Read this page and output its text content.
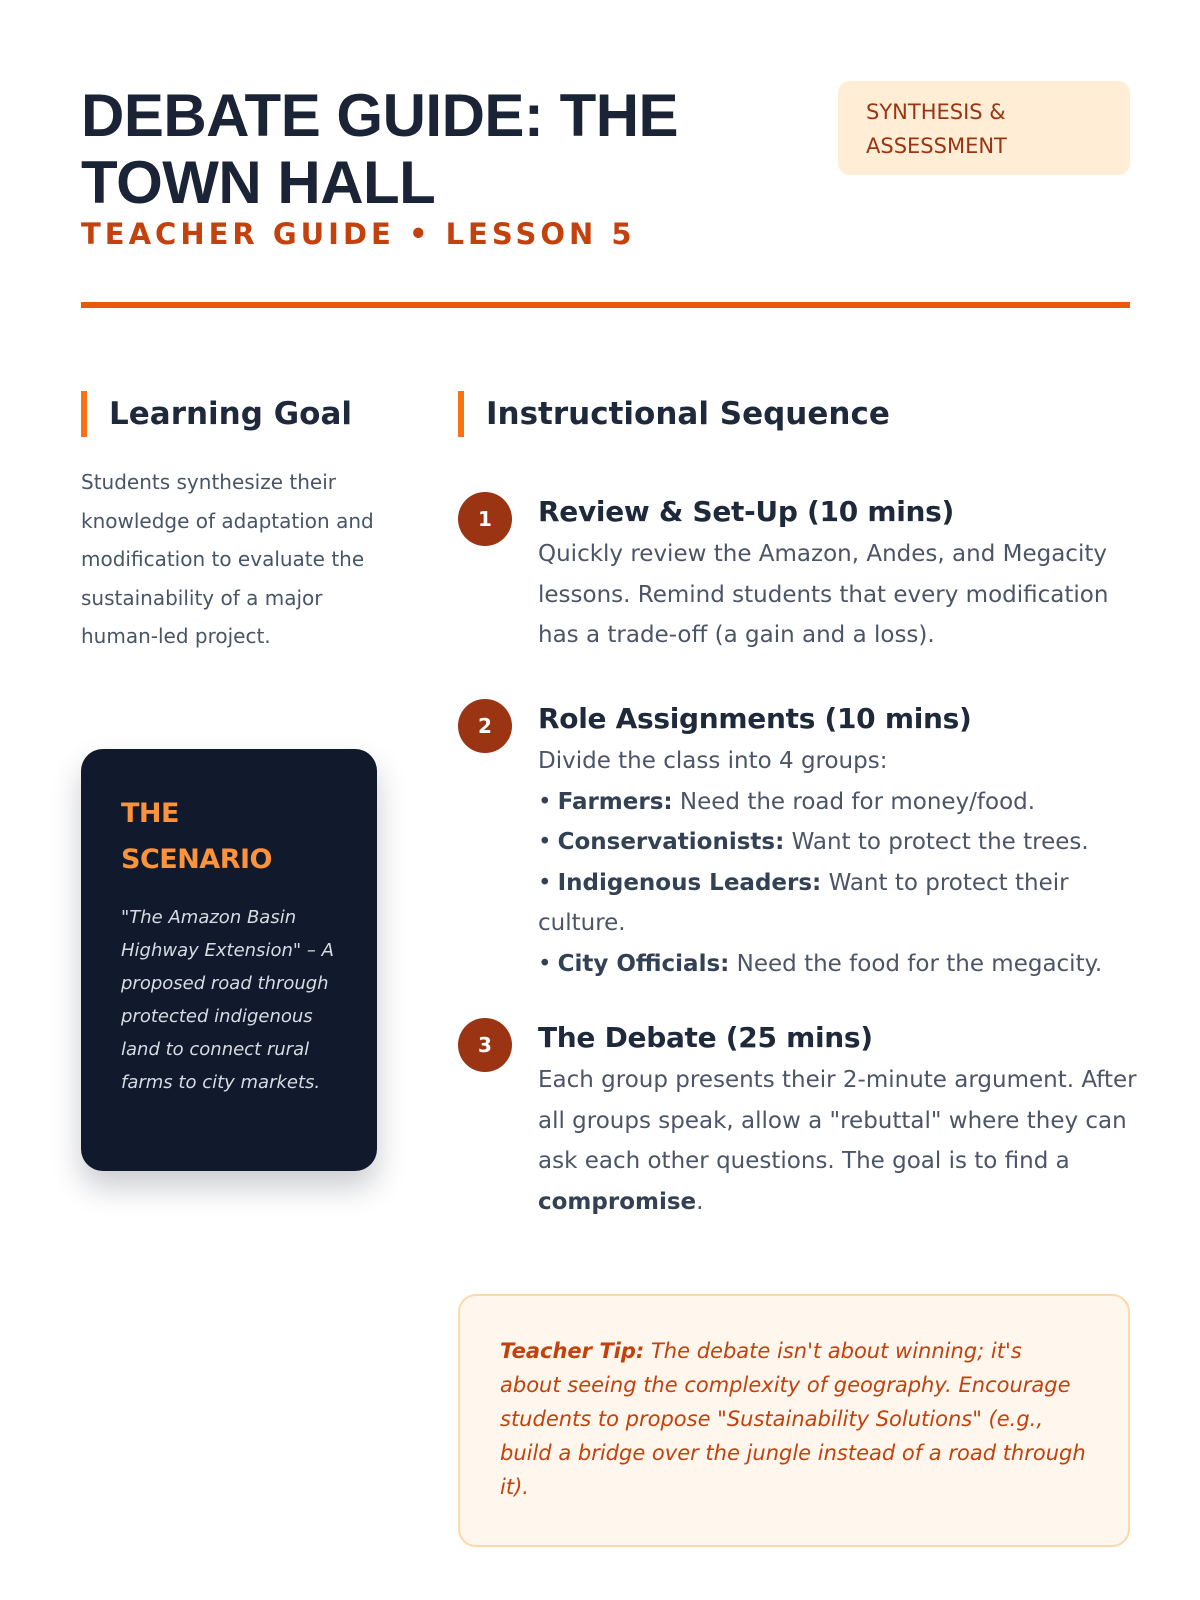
DEBATE GUIDE: THE TOWN HALL
TEACHER GUIDE • LESSON 5
SYNTHESIS & ASSESSMENT
Learning Goal

Students synthesize their knowledge of adaptation and modification to evaluate the sustainability of a major human-led project.

THE SCENARIO

"The Amazon Basin Highway Extension" – A proposed road through protected indigenous land to connect rural farms to city markets.

Instructional Sequence
1	Review & Set-Up (10 mins)

Quickly review the Amazon, Andes, and Megacity lessons. Remind students that every modification has a trade-off (a gain and a loss).

2	Role Assignments (10 mins)

Divide the class into 4 groups:

• Farmers: Need the road for money/food.
• Conservationists: Want to protect the trees.
• Indigenous Leaders: Want to protect their culture.
• City Officials: Need the food for the megacity.
3	The Debate (25 mins)

Each group presents their 2-minute argument. After all groups speak, allow a "rebuttal" where they can ask each other questions. The goal is to find a compromise.

Teacher Tip: The debate isn't about winning; it's about seeing the complexity of geography. Encourage students to propose "Sustainability Solutions" (e.g., build a bridge over the jungle instead of a road through it).
